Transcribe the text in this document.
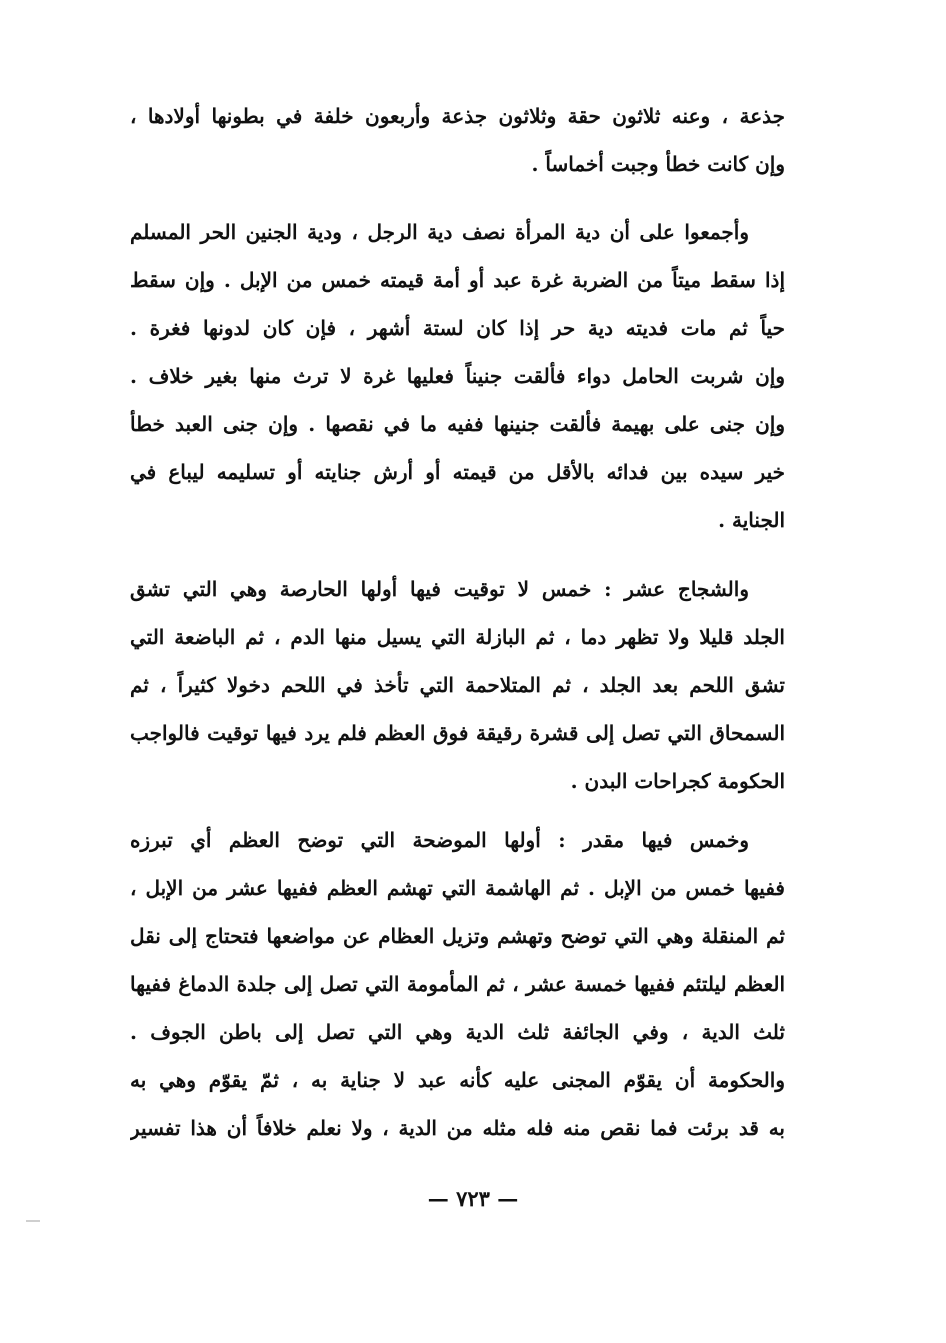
جذعة ، وعنه ثلاثون حقة وثلاثون جذعة وأربعون خلفة في بطونها أولادها ،
وإن كانت خطأ وجبت أخماساً .
وأجمعوا على أن دية المرأة نصف دية الرجل ، ودية الجنين الحر المسلم
إذا سقط ميتاً من الضربة غرة عبد أو أمة قيمته خمس من الإبل . وإن سقط
حياً ثم مات فديته دية حر إذا كان لستة أشهر ، فإن كان لدونها فغرة .
وإن شربت الحامل دواء فألقت جنيناً فعليها غرة لا ترث منها بغير خلاف .
وإن جنى على بهيمة فألقت جنينها ففيه ما في نقصها . وإن جنى العبد خطأ
خير سيده بين فدائه بالأقل من قيمته أو أرش جنايته أو تسليمه ليباع في
الجناية .
والشجاج عشر : خمس لا توقيت فيها أولها الحارصة وهي التي تشق
الجلد قليلا ولا تظهر دما ، ثم البازلة التي يسيل منها الدم ، ثم الباضعة التي
تشق اللحم بعد الجلد ، ثم المتلاحمة التي تأخذ في اللحم دخولا كثيراً ، ثم
السمحاق التي تصل إلى قشرة رقيقة فوق العظم فلم يرد فيها توقيت فالواجب
الحكومة كجراحات البدن .
وخمس فيها مقدر : أولها الموضحة التي توضح العظم أي تبرزه
ففيها خمس من الإبل . ثم الهاشمة التي تهشم العظم ففيها عشر من الإبل ،
ثم المنقلة وهي التي توضح وتهشم وتزيل العظام عن مواضعها فتحتاج إلى نقل
العظم ليلتئم ففيها خمسة عشر ، ثم المأمومة التي تصل إلى جلدة الدماغ ففيها
ثلث الدية ، وفي الجائفة ثلث الدية وهي التي تصل إلى باطن الجوف .
والحكومة أن يقوّم المجنى عليه كأنه عبد لا جناية به ، ثمّ يقوّم وهي به
به قد برئت فما نقص منه فله مثله من الدية ، ولا نعلم خلافاً أن هذا تفسير
— ٧٢٣ —
